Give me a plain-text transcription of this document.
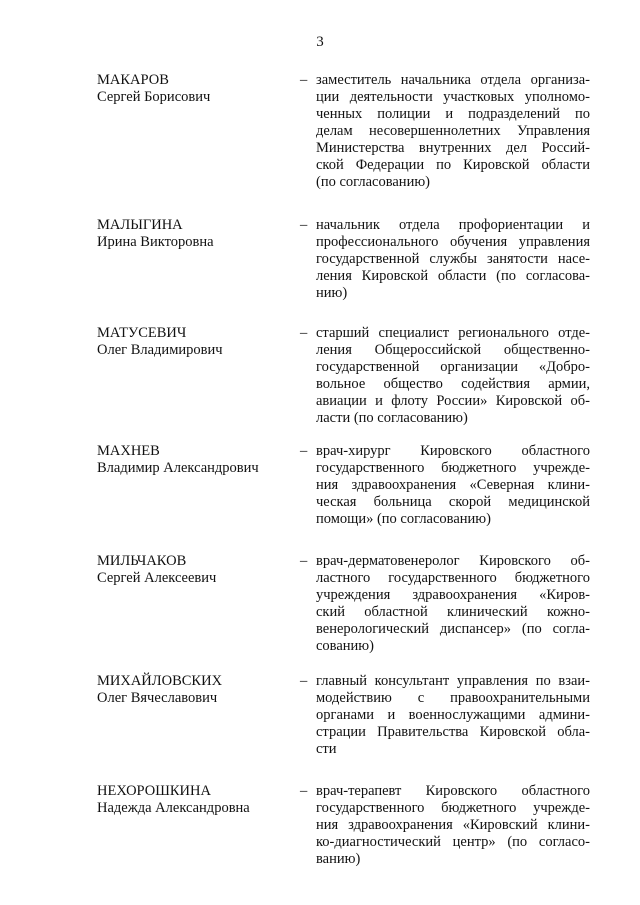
3
МАКАРОВ
Сергей Борисович
– заместитель начальника отдела организа-
ции деятельности участковых уполномо-
ченных полиции и подразделений по
делам несовершеннолетних Управления
Министерства внутренних дел Россий-
ской Федерации по Кировской области
(по согласованию)
МАЛЫГИНА
Ирина Викторовна
– начальник отдела профориентации и
профессионального обучения управления
государственной службы занятости насе-
ления Кировской области (по согласова-
нию)
МАТУСЕВИЧ
Олег Владимирович
– старший специалист регионального отде-
ления Общероссийской общественно-
государственной организации «Добро-
вольное общество содействия армии,
авиации и флоту России» Кировской об-
ласти (по согласованию)
МАХНЕВ
Владимир Александрович
– врач-хирург Кировского областного
государственного бюджетного учрежде-
ния здравоохранения «Северная клини-
ческая больница скорой медицинской
помощи» (по согласованию)
МИЛЬЧАКОВ
Сергей Алексеевич
– врач-дерматовенеролог Кировского об-
ластного государственного бюджетного
учреждения здравоохранения «Киров-
ский областной клинический кожно-
венерологический диспансер» (по согла-
сованию)
МИХАЙЛОВСКИХ
Олег Вячеславович
– главный консультант управления по взаи-
модействию с правоохранительными
органами и военнослужащими админи-
страции Правительства Кировской обла-
сти
НЕХОРОШКИНА
Надежда Александровна
– врач-терапевт Кировского областного
государственного бюджетного учрежде-
ния здравоохранения «Кировский клини-
ко-диагностический центр» (по согласо-
ванию)
